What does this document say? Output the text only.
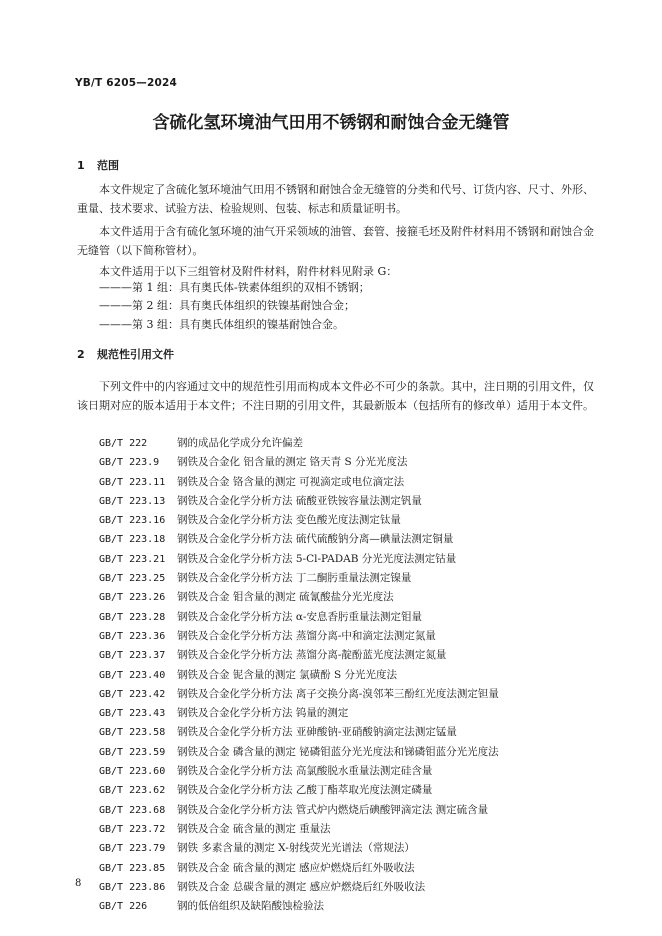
YB/T 6205—2024
含硫化氢环境油气田用不锈钢和耐蚀合金无缝管
1 范围
本文件规定了含硫化氢环境油气田用不锈钢和耐蚀合金无缝管的分类和代号、订货内容、尺寸、外形、重量、技术要求、试验方法、检验规则、包装、标志和质量证明书。
本文件适用于含有硫化氢环境的油气开采领域的油管、套管、接箍毛坯及附件材料用不锈钢和耐蚀合金无缝管（以下简称管材）。
本文件适用于以下三组管材及附件材料，附件材料见附录 G：
———第 1 组：具有奥氏体-铁素体组织的双相不锈钢；
———第 2 组：具有奥氏体组织的铁镍基耐蚀合金；
———第 3 组：具有奥氏体组织的镍基耐蚀合金。
2 规范性引用文件
下列文件中的内容通过文中的规范性引用而构成本文件必不可少的条款。其中，注日期的引用文件，仅该日期对应的版本适用于本文件；不注日期的引用文件，其最新版本（包括所有的修改单）适用于本文件。
GB/T 222	钢的成品化学成分允许偏差
GB/T 223.9 钢铁及合金化 铝含量的测定 铬天青 S 分光光度法
GB/T 223.11 钢铁及合金 铬含量的测定 可视滴定或电位滴定法
GB/T 223.13 钢铁及合金化学分析方法 硫酸亚铁铵容量法测定钒量
GB/T 223.16 钢铁及合金化学分析方法 变色酸光度法测定钛量
GB/T 223.18 钢铁及合金化学分析方法 硫代硫酸钠分离—碘量法测定铜量
GB/T 223.21 钢铁及合金化学分析方法 5-Cl-PADAB 分光光度法测定钴量
GB/T 223.25 钢铁及合金化学分析方法 丁二酮肟重量法测定镍量
GB/T 223.26 钢铁及合金 钼含量的测定 硫氰酸盐分光光度法
GB/T 223.28 钢铁及合金化学分析方法 α-安息香肟重量法测定钼量
GB/T 223.36 钢铁及合金化学分析方法 蒸馏分离-中和滴定法测定氮量
GB/T 223.37 钢铁及合金化学分析方法 蒸馏分离-靛酚蓝光度法测定氮量
GB/T 223.40 钢铁及合金 铌含量的测定 氯磺酚 S 分光光度法
GB/T 223.42 钢铁及合金化学分析方法 离子交换分离-溴邻苯三酚红光度法测定钽量
GB/T 223.43 钢铁及合金化学分析方法 钨量的测定
GB/T 223.58 钢铁及合金化学分析方法 亚砷酸钠-亚硝酸钠滴定法测定锰量
GB/T 223.59 钢铁及合金 磷含量的测定 铋磷钼蓝分光光度法和锑磷钼蓝分光光度法
GB/T 223.60 钢铁及合金化学分析方法 高氯酸脱水重量法测定硅含量
GB/T 223.62 钢铁及合金化学分析方法 乙酸丁酯萃取光度法测定磷量
GB/T 223.68 钢铁及合金化学分析方法 管式炉内燃烧后碘酸钾滴定法 测定硫含量
GB/T 223.72 钢铁及合金 硫含量的测定 重量法
GB/T 223.79 钢铁 多素含量的测定 X-射线荧光光谱法（常规法）
GB/T 223.85 钢铁及合金 硫含量的测定 感应炉燃烧后红外吸收法
GB/T 223.86 钢铁及合金 总碳含量的测定 感应炉燃烧后红外吸收法
GB/T 226	钢的低倍组织及缺陷酸蚀检验法
8
